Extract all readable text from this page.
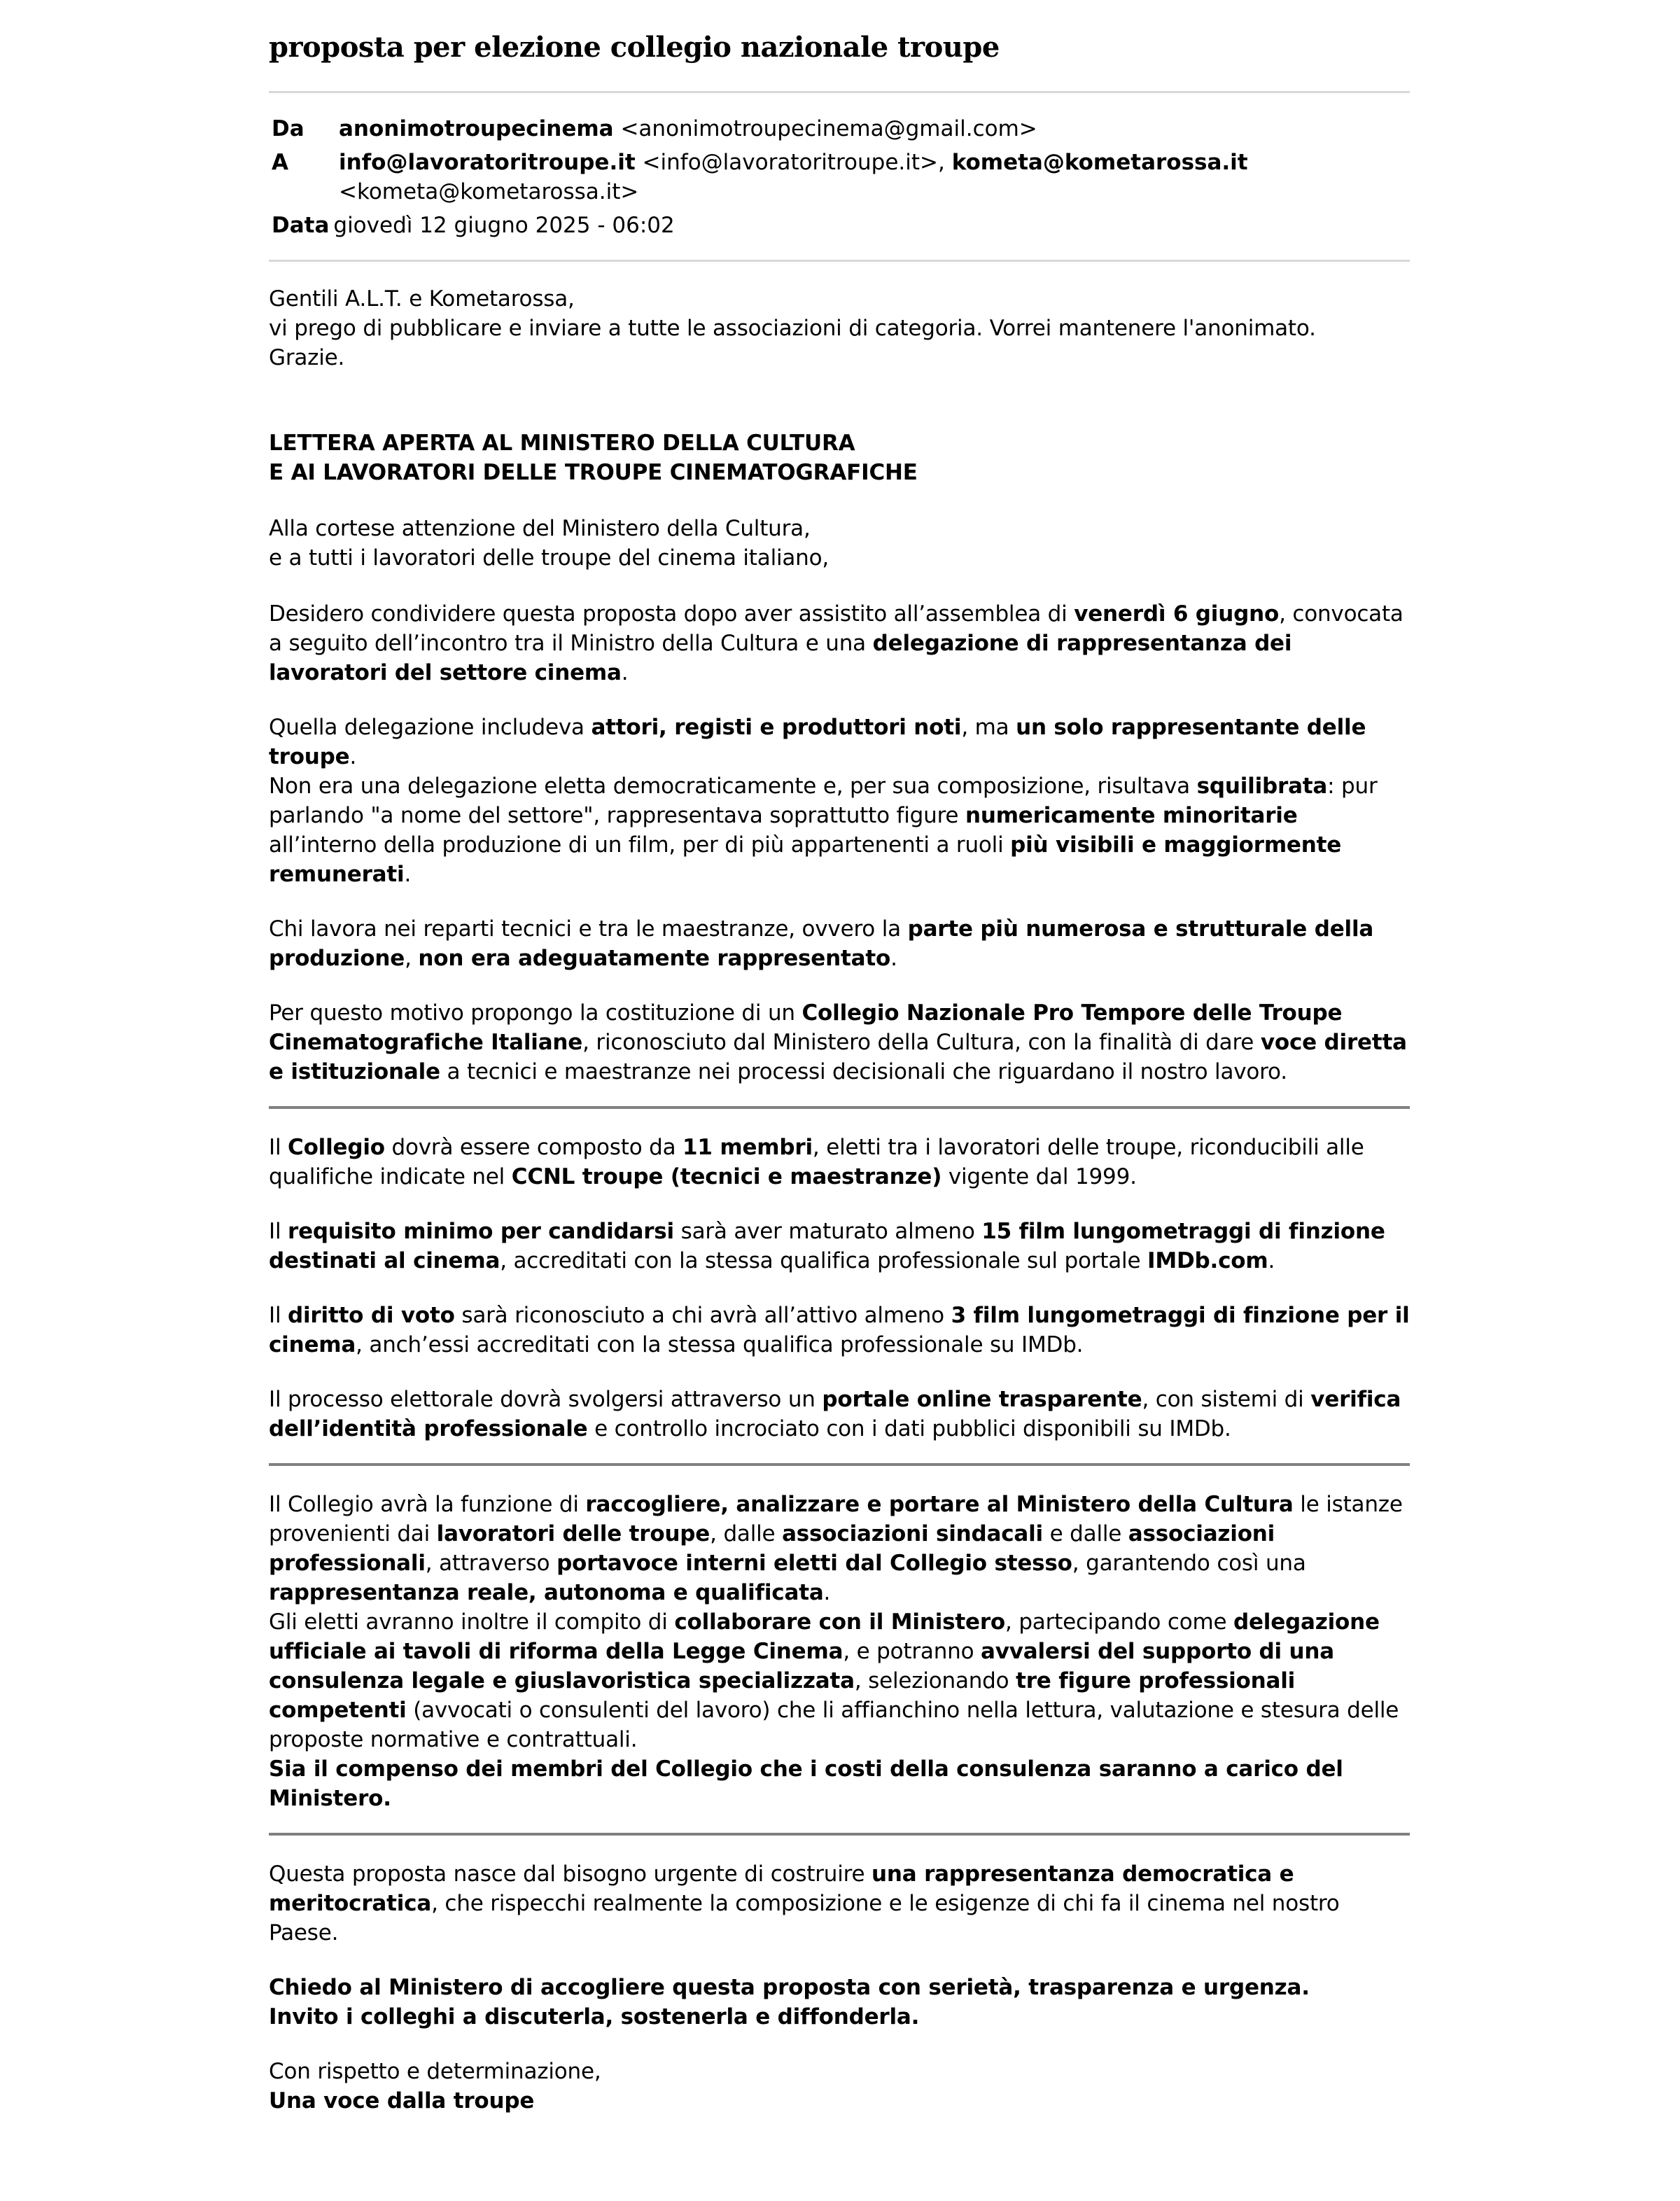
proposta per elezione collegio nazionale troupe
Da	anonimotroupecinema <anonimotroupecinema@gmail.com>
A	info@lavoratoritroupe.it <info@lavoratoritroupe.it>, kometa@kometarossa.it
<kometa@kometarossa.it>
Data giovedì 12 giugno 2025 - 06:02

Gentili A.L.T. e Kometarossa,

vi prego di pubblicare e inviare a tutte le associazioni di categoria. Vorrei mantenere l'anonimato.

Grazie.

LETTERA APERTA AL MINISTERO DELLA CULTURA

E AI LAVORATORI DELLE TROUPE CINEMATOGRAFICHE

Alla cortese attenzione del Ministero della Cultura,

e a tutti i lavoratori delle troupe del cinema italiano,

Desidero condividere questa proposta dopo aver assistito all’assemblea di venerdì 6 giugno, convocata a seguito dell’incontro tra il Ministro della Cultura e una delegazione di rappresentanza dei lavoratori del settore cinema.

Quella delegazione includeva attori, registi e produttori noti, ma un solo rappresentante delle troupe.
Non era una delegazione eletta democraticamente e, per sua composizione, risultava squilibrata: pur parlando "a nome del settore", rappresentava soprattutto figure numericamente minoritarie all’interno della produzione di un film, per di più appartenenti a ruoli più visibili e maggiormente remunerati.

Chi lavora nei reparti tecnici e tra le maestranze, ovvero la parte più numerosa e strutturale della produzione, non era adeguatamente rappresentato.

Per questo motivo propongo la costituzione di un Collegio Nazionale Pro Tempore delle Troupe Cinematografiche Italiane, riconosciuto dal Ministero della Cultura, con la finalità di dare voce diretta e istituzionale a tecnici e maestranze nei processi decisionali che riguardano il nostro lavoro.

Il Collegio dovrà essere composto da 11 membri, eletti tra i lavoratori delle troupe, riconducibili alle qualifiche indicate nel CCNL troupe (tecnici e maestranze) vigente dal 1999.

Il requisito minimo per candidarsi sarà aver maturato almeno 15 film lungometraggi di finzione destinati al cinema, accreditati con la stessa qualifica professionale sul portale IMDb.com.

Il diritto di voto sarà riconosciuto a chi avrà all’attivo almeno 3 film lungometraggi di finzione per il cinema, anch’essi accreditati con la stessa qualifica professionale su IMDb.

Il processo elettorale dovrà svolgersi attraverso un portale online trasparente, con sistemi di verifica dell’identità professionale e controllo incrociato con i dati pubblici disponibili su IMDb.

Il Collegio avrà la funzione di raccogliere, analizzare e portare al Ministero della Cultura le istanze provenienti dai lavoratori delle troupe, dalle associazioni sindacali e dalle associazioni professionali, attraverso portavoce interni eletti dal Collegio stesso, garantendo così una rappresentanza reale, autonoma e qualificata.
Gli eletti avranno inoltre il compito di collaborare con il Ministero, partecipando come delegazione ufficiale ai tavoli di riforma della Legge Cinema, e potranno avvalersi del supporto di una consulenza legale e giuslavoristica specializzata, selezionando tre figure professionali competenti (avvocati o consulenti del lavoro) che li affianchino nella lettura, valutazione e stesura delle proposte normative e contrattuali.
Sia il compenso dei membri del Collegio che i costi della consulenza saranno a carico del Ministero.

Questa proposta nasce dal bisogno urgente di costruire una rappresentanza democratica e meritocratica, che rispecchi realmente la composizione e le esigenze di chi fa il cinema nel nostro Paese.

Chiedo al Ministero di accogliere questa proposta con serietà, trasparenza e urgenza.

Invito i colleghi a discuterla, sostenerla e diffonderla.

Con rispetto e determinazione,

Una voce dalla troupe
